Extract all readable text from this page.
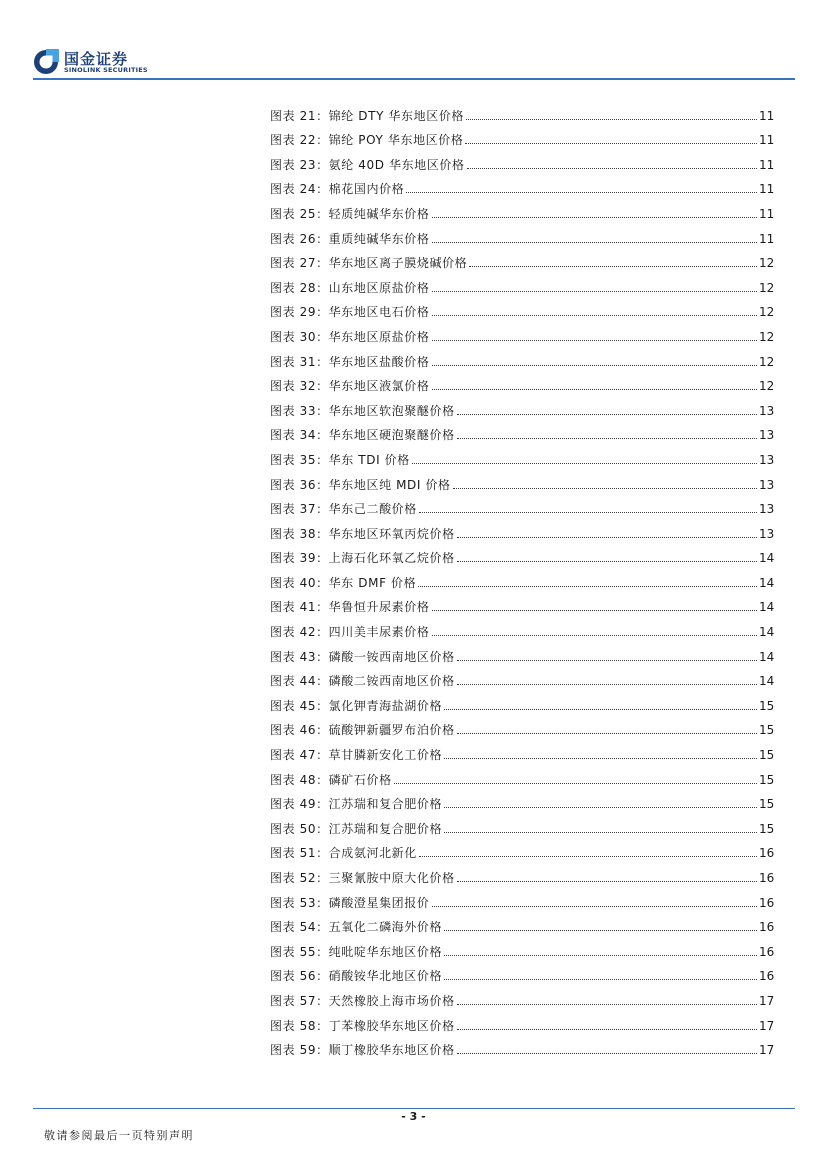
国金证券
SINOLINK SECURITIES
图表 21：锦纶 DTY 华东地区价格	11
图表 22：锦纶 POY 华东地区价格	11
图表 23：氨纶 40D 华东地区价格	11
图表 24：棉花国内价格	11
图表 25：轻质纯碱华东价格	11
图表 26：重质纯碱华东价格	11
图表 27：华东地区离子膜烧碱价格	12
图表 28：山东地区原盐价格	12
图表 29：华东地区电石价格	12
图表 30：华东地区原盐价格	12
图表 31：华东地区盐酸价格	12
图表 32：华东地区液氯价格	12
图表 33：华东地区软泡聚醚价格	13
图表 34：华东地区硬泡聚醚价格	13
图表 35：华东 TDI 价格	13
图表 36：华东地区纯 MDI 价格	13
图表 37：华东己二酸价格	13
图表 38：华东地区环氧丙烷价格	13
图表 39：上海石化环氧乙烷价格	14
图表 40：华东 DMF 价格	14
图表 41：华鲁恒升尿素价格	14
图表 42：四川美丰尿素价格	14
图表 43：磷酸一铵西南地区价格	14
图表 44：磷酸二铵西南地区价格	14
图表 45：氯化钾青海盐湖价格	15
图表 46：硫酸钾新疆罗布泊价格	15
图表 47：草甘膦新安化工价格	15
图表 48：磷矿石价格	15
图表 49：江苏瑞和复合肥价格	15
图表 50：江苏瑞和复合肥价格	15
图表 51：合成氨河北新化	16
图表 52：三聚氰胺中原大化价格	16
图表 53：磷酸澄星集团报价	16
图表 54：五氧化二磷海外价格	16
图表 55：纯吡啶华东地区价格	16
图表 56：硝酸铵华北地区价格	16
图表 57：天然橡胶上海市场价格	17
图表 58：丁苯橡胶华东地区价格	17
图表 59：顺丁橡胶华东地区价格	17
- 3 -
敬请参阅最后一页特别声明
